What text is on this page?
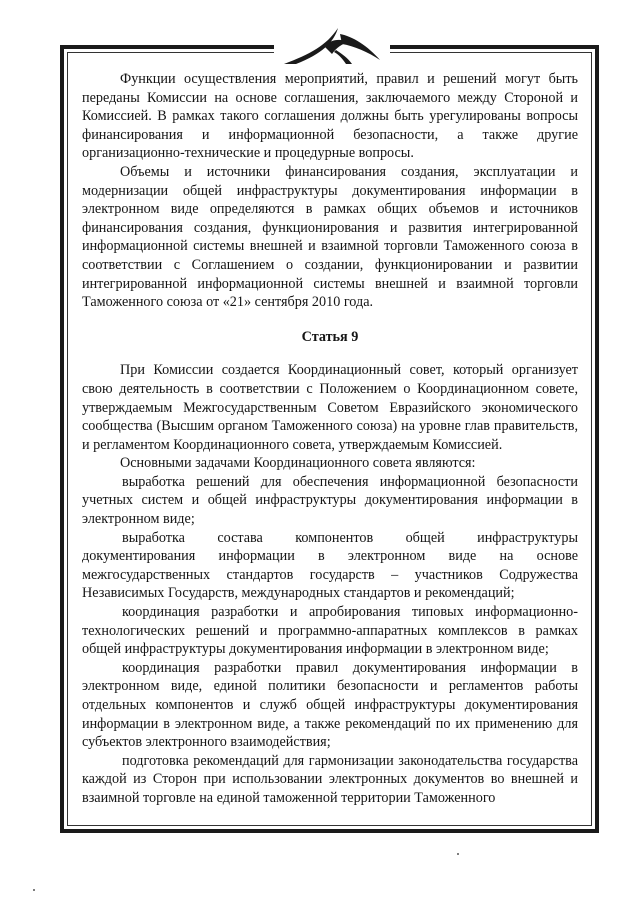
Функции осуществления мероприятий, правил и решений могут быть переданы Комиссии на основе соглашения, заключаемого между Стороной и Комиссией. В рамках такого соглашения должны быть урегулированы вопросы финансирования и информационной безопасности, а также другие организационно-технические и процедурные вопросы.

Объемы и источники финансирования создания, эксплуатации и модернизации общей инфраструктуры документирования информации в электронном виде определяются в рамках общих объемов и источников финансирования создания, функционирования и развития интегрированной информационной системы внешней и взаимной торговли Таможенного союза в соответствии с Соглашением о создании, функционировании и развитии интегрированной информационной системы внешней и взаимной торговли Таможенного союза от «21» сентября 2010 года.

Статья 9

При Комиссии создается Координационный совет, который организует свою деятельность в соответствии с Положением о Координационном совете, утверждаемым Межгосударственным Советом Евразийского экономического сообщества (Высшим органом Таможенного союза) на уровне глав правительств, и регламентом Координационного совета, утверждаемым Комиссией.

Основными задачами Координационного совета являются:

выработка решений для обеспечения информационной безопасности учетных систем и общей инфраструктуры документирования информации в электронном виде;

выработка состава компонентов общей инфраструктуры документирования информации в электронном виде на основе межгосударственных стандартов государств – участников Содружества Независимых Государств, международных стандартов и рекомендаций;

координация разработки и апробирования типовых информационно-технологических решений и программно-аппаратных комплексов в рамках общей инфраструктуры документирования информации в электронном виде;

координация разработки правил документирования информации в электронном виде, единой политики безопасности и регламентов работы отдельных компонентов и служб общей инфраструктуры документирования информации в электронном виде, а также рекомендаций по их применению для субъектов электронного взаимодействия;

подготовка рекомендаций для гармонизации законодательства государства каждой из Сторон при использовании электронных документов во внешней и взаимной торговле на единой таможенной территории Таможенного
